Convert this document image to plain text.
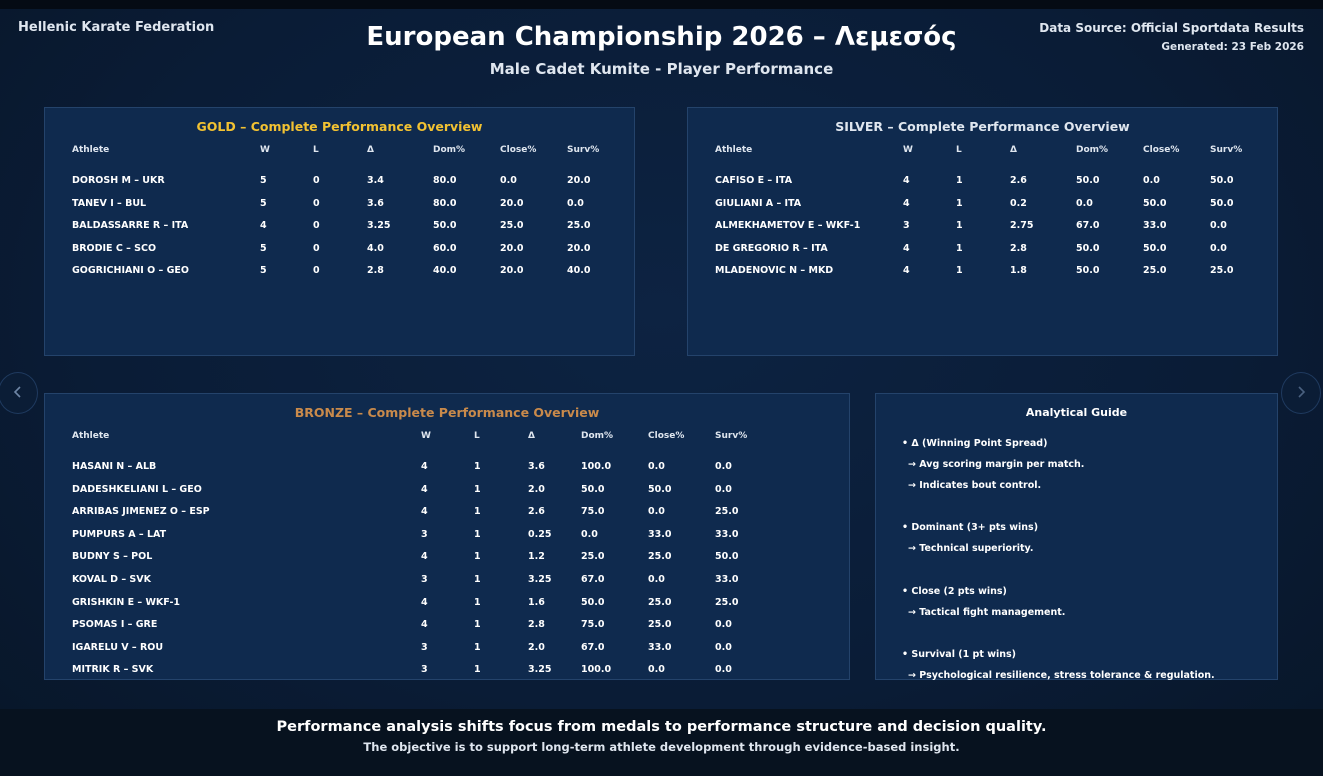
Hellenic Karate Federation	European Championship 2026 – Λεμεσός
Male Cadet Kumite - Player Performance
Data Source: Official Sportdata Results
Generated: 23 Feb 2026
GOLD – Complete Performance Overview
Athlete	W	L	Δ	Dom%	Close%	Surv%
DOROSH M – UKR	5	0	3.4	80.0	0.0	20.0
TANEV I – BUL	5	0	3.6	80.0	20.0	0.0
BALDASSARRE R – ITA	4	0	3.25	50.0	25.0	25.0
BRODIE C – SCO	5	0	4.0	60.0	20.0	20.0
GOGRICHIANI O – GEO	5	0	2.8	40.0	20.0	40.0
SILVER – Complete Performance Overview
Athlete	W	L	Δ	Dom%	Close%	Surv%
CAFISO E – ITA	4	1	2.6	50.0	0.0	50.0
GIULIANI A – ITA	4	1	0.2	0.0	50.0	50.0
ALMEKHAMETOV E – WKF-1	3	1	2.75	67.0	33.0	0.0
DE GREGORIO R – ITA	4	1	2.8	50.0	50.0	0.0
MLADENOVIC N – MKD	4	1	1.8	50.0	25.0	25.0
BRONZE – Complete Performance Overview
Athlete	W	L	Δ	Dom%	Close%	Surv%
HASANI N – ALB	4	1	3.6	100.0	0.0	0.0
DADESHKELIANI L – GEO	4	1	2.0	50.0	50.0	0.0
ARRIBAS JIMENEZ O – ESP	4	1	2.6	75.0	0.0	25.0
PUMPURS A – LAT	3	1	0.25	0.0	33.0	33.0
BUDNY S – POL	4	1	1.2	25.0	25.0	50.0
KOVAL D – SVK	3	1	3.25	67.0	0.0	33.0
GRISHKIN E – WKF-1	4	1	1.6	50.0	25.0	25.0
PSOMAS I – GRE	4	1	2.8	75.0	25.0	0.0
IGARELU V – ROU	3	1	2.0	67.0	33.0	0.0
MITRIK R – SVK	3	1	3.25	100.0	0.0	0.0
Analytical Guide
• Δ (Winning Point Spread)
→ Avg scoring margin per match.
→ Indicates bout control.
• Dominant (3+ pts wins)
→ Technical superiority.
• Close (2 pts wins)
→ Tactical fight management.
• Survival (1 pt wins)
→ Psychological resilience, stress tolerance & regulation.
Performance analysis shifts focus from medals to performance structure and decision quality.
The objective is to support long-term athlete development through evidence-based insight.
